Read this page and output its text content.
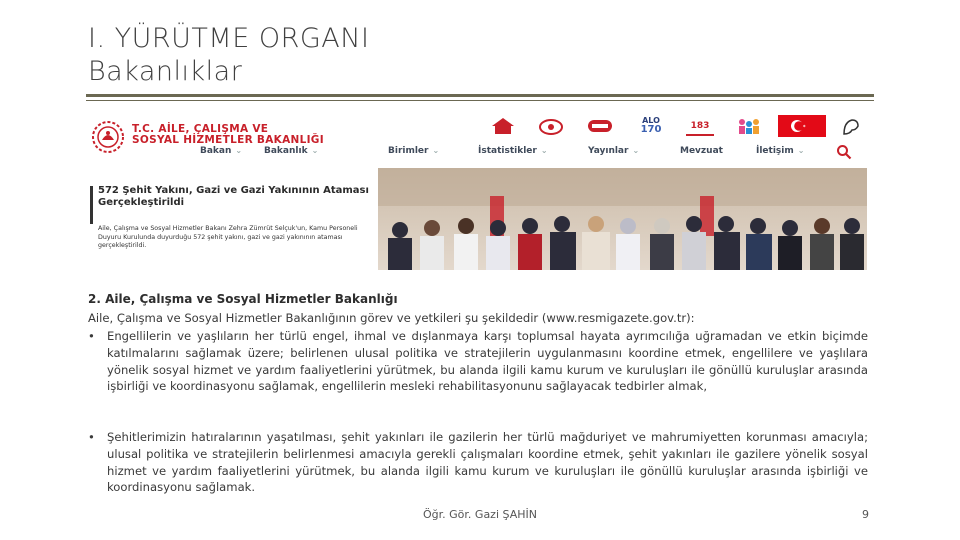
I. YÜRÜTME ORGANI
Bakanlıklar
T.C. AİLE, ÇALIŞMA VE
SOSYAL HİZMETLER BAKANLIĞI
ALO
170	183
Bakan ⌄ Bakanlık ⌄	Birimler ⌄	İstatistikler ⌄	Yayınlar ⌄	Mevzuat	İletişim ⌄
572 Şehit Yakını, Gazi ve Gazi Yakınının Ataması Gerçekleştirildi
Aile, Çalışma ve Sosyal Hizmetler Bakanı Zehra Zümrüt Selçuk'un, Kamu Personeli Duyuru Kurulunda duyurduğu 572 şehit yakını, gazi ve gazi yakınının ataması gerçekleştirildi.
2. Aile, Çalışma ve Sosyal Hizmetler Bakanlığı
Aile, Çalışma ve Sosyal Hizmetler Bakanlığının görev ve yetkileri şu şekildedir (www.resmigazete.gov.tr):
• Engellilerin ve yaşlıların her türlü engel, ihmal ve dışlanmaya karşı toplumsal hayata ayrımcılığa uğramadan ve etkin biçimde katılmalarını sağlamak üzere; belirlenen ulusal politika ve stratejilerin uygulanmasını koordine etmek, engellilere ve yaşlılara yönelik sosyal hizmet ve yardım faaliyetlerini yürütmek, bu alanda ilgili kamu kurum ve kuruluşları ile gönüllü kuruluşlar arasında işbirliği ve koordinasyonu sağlamak, engellilerin mesleki rehabilitasyonunu sağlayacak tedbirler almak,
• Şehitlerimizin hatıralarının yaşatılması, şehit yakınları ile gazilerin her türlü mağduriyet ve mahrumiyetten korunması amacıyla; ulusal politika ve stratejilerin belirlenmesi amacıyla gerekli çalışmaları koordine etmek, şehit yakınları ile gazilere yönelik sosyal hizmet ve yardım faaliyetlerini yürütmek, bu alanda ilgili kamu kurum ve kuruluşları ile gönüllü kuruluşlar arasında işbirliği ve koordinasyonu sağlamak.
Öğr. Gör. Gazi ŞAHİN	9
